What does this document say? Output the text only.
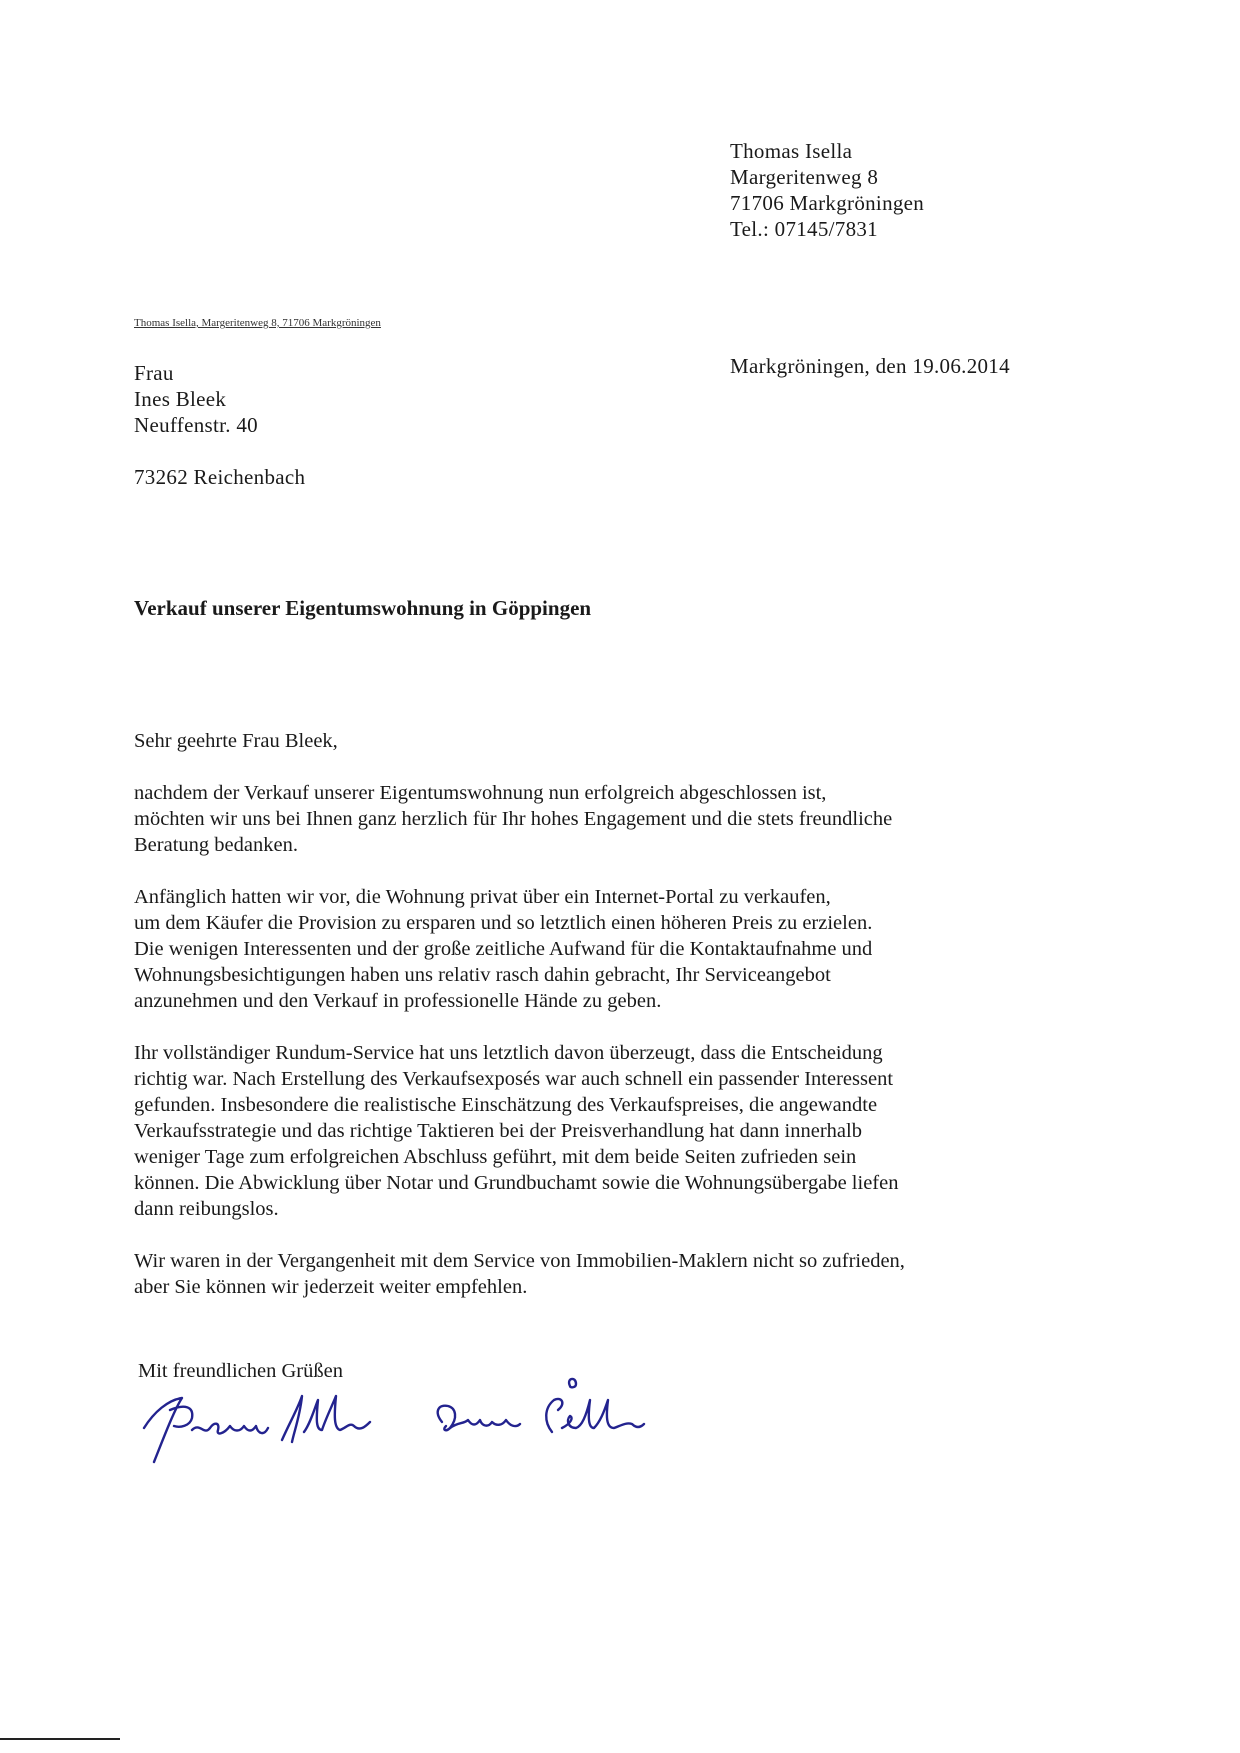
Thomas Isella
Margeritenweg 8
71706 Markgröningen
Tel.: 07145/7831
Thomas Isella, Margeritenweg 8, 71706 Markgröningen
Frau
Ines Bleek
Neuffenstr. 40
73262 Reichenbach
Markgröningen, den 19.06.2014
Verkauf unserer Eigentumswohnung in Göppingen

Sehr geehrte Frau Bleek,

nachdem der Verkauf unserer Eigentumswohnung nun erfolgreich abgeschlossen ist,
möchten wir uns bei Ihnen ganz herzlich für Ihr hohes Engagement und die stets freundliche
Beratung bedanken.

Anfänglich hatten wir vor, die Wohnung privat über ein Internet-Portal zu verkaufen,
um dem Käufer die Provision zu ersparen und so letztlich einen höheren Preis zu erzielen.
Die wenigen Interessenten und der große zeitliche Aufwand für die Kontaktaufnahme und
Wohnungsbesichtigungen haben uns relativ rasch dahin gebracht, Ihr Serviceangebot
anzunehmen und den Verkauf in professionelle Hände zu geben.

Ihr vollständiger Rundum-Service hat uns letztlich davon überzeugt, dass die Entscheidung
richtig war. Nach Erstellung des Verkaufsexposés war auch schnell ein passender Interessent
gefunden. Insbesondere die realistische Einschätzung des Verkaufspreises, die angewandte
Verkaufsstrategie und das richtige Taktieren bei der Preisverhandlung hat dann innerhalb
weniger Tage zum erfolgreichen Abschluss geführt, mit dem beide Seiten zufrieden sein
können. Die Abwicklung über Notar und Grundbuchamt sowie die Wohnungsübergabe liefen
dann reibungslos.

Wir waren in der Vergangenheit mit dem Service von Immobilien-Maklern nicht so zufrieden,
aber Sie können wir jederzeit weiter empfehlen.

Mit freundlichen Grüßen
